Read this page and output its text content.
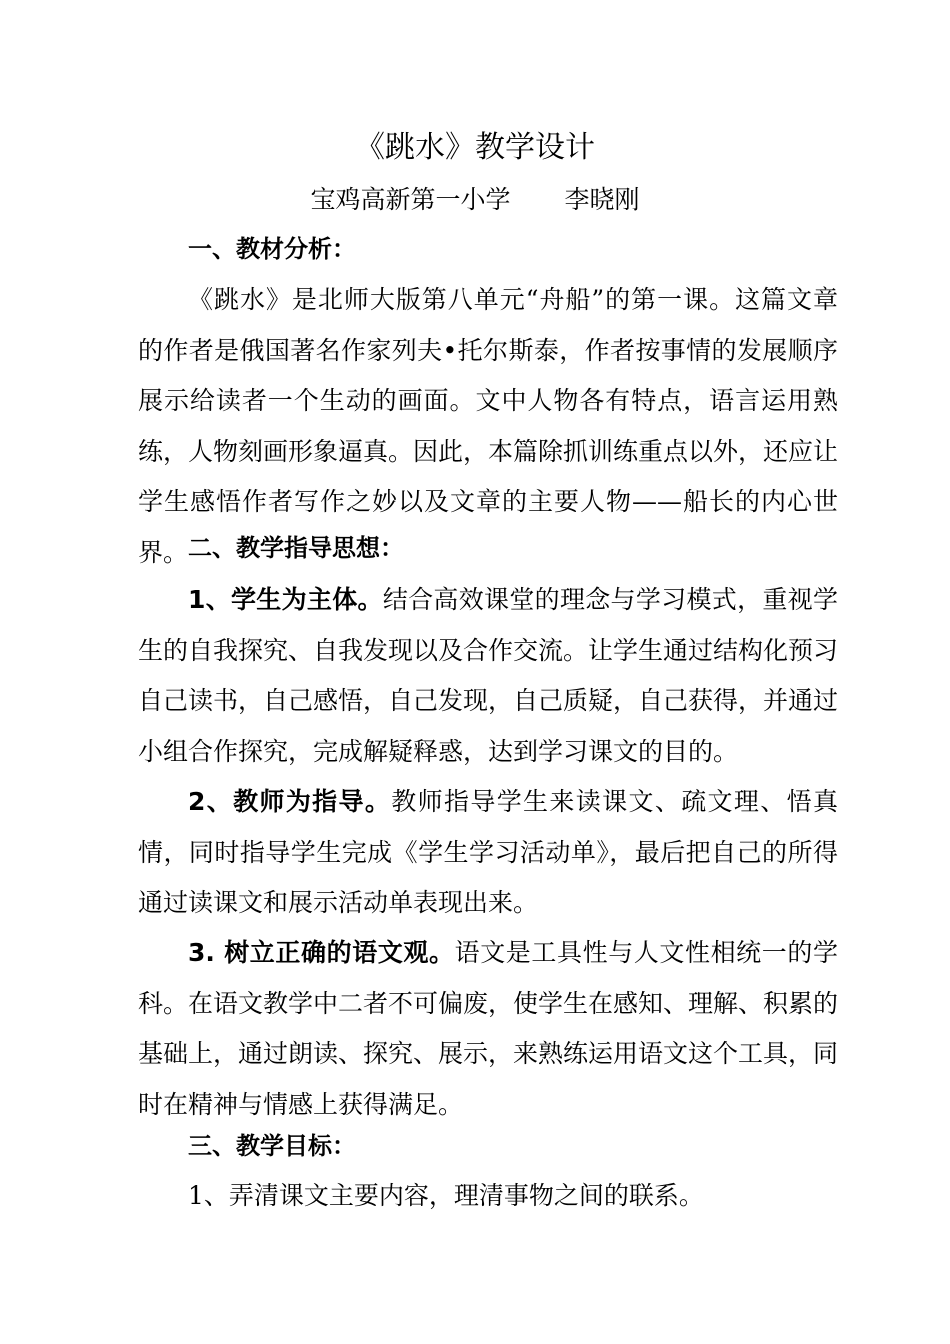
《跳水》教学设计

宝鸡高新第一小学 李晓刚

一、教材分析：

《跳水》是北师大版第八单元“舟船”的第一课。这篇文章的作者是俄国著名作家列夫•托尔斯泰，作者按事情的发展顺序展示给读者一个生动的画面。文中人物各有特点，语言运用熟练，人物刻画形象逼真。因此，本篇除抓训练重点以外，还应让学生感悟作者写作之妙以及文章的主要人物——船长的内心世界。 二、教学指导思想：

1、学生为主体。结合高效课堂的理念与学习模式，重视学生的自我探究、自我发现以及合作交流。让学生通过结构化预习自己读书，自己感悟，自己发现，自己质疑，自己获得，并通过小组合作探究，完成解疑释惑，达到学习课文的目的。

2、教师为指导。教师指导学生来读课文、疏文理、悟真情，同时指导学生完成《学生学习活动单》，最后把自己的所得通过读课文和展示活动单表现出来。

3. 树立正确的语文观。语文是工具性与人文性相统一的学科。在语文教学中二者不可偏废，使学生在感知、理解、积累的基础上，通过朗读、探究、展示，来熟练运用语文这个工具，同时在精神与情感上获得满足。

三、教学目标：

1、弄清课文主要内容，理清事物之间的联系。
